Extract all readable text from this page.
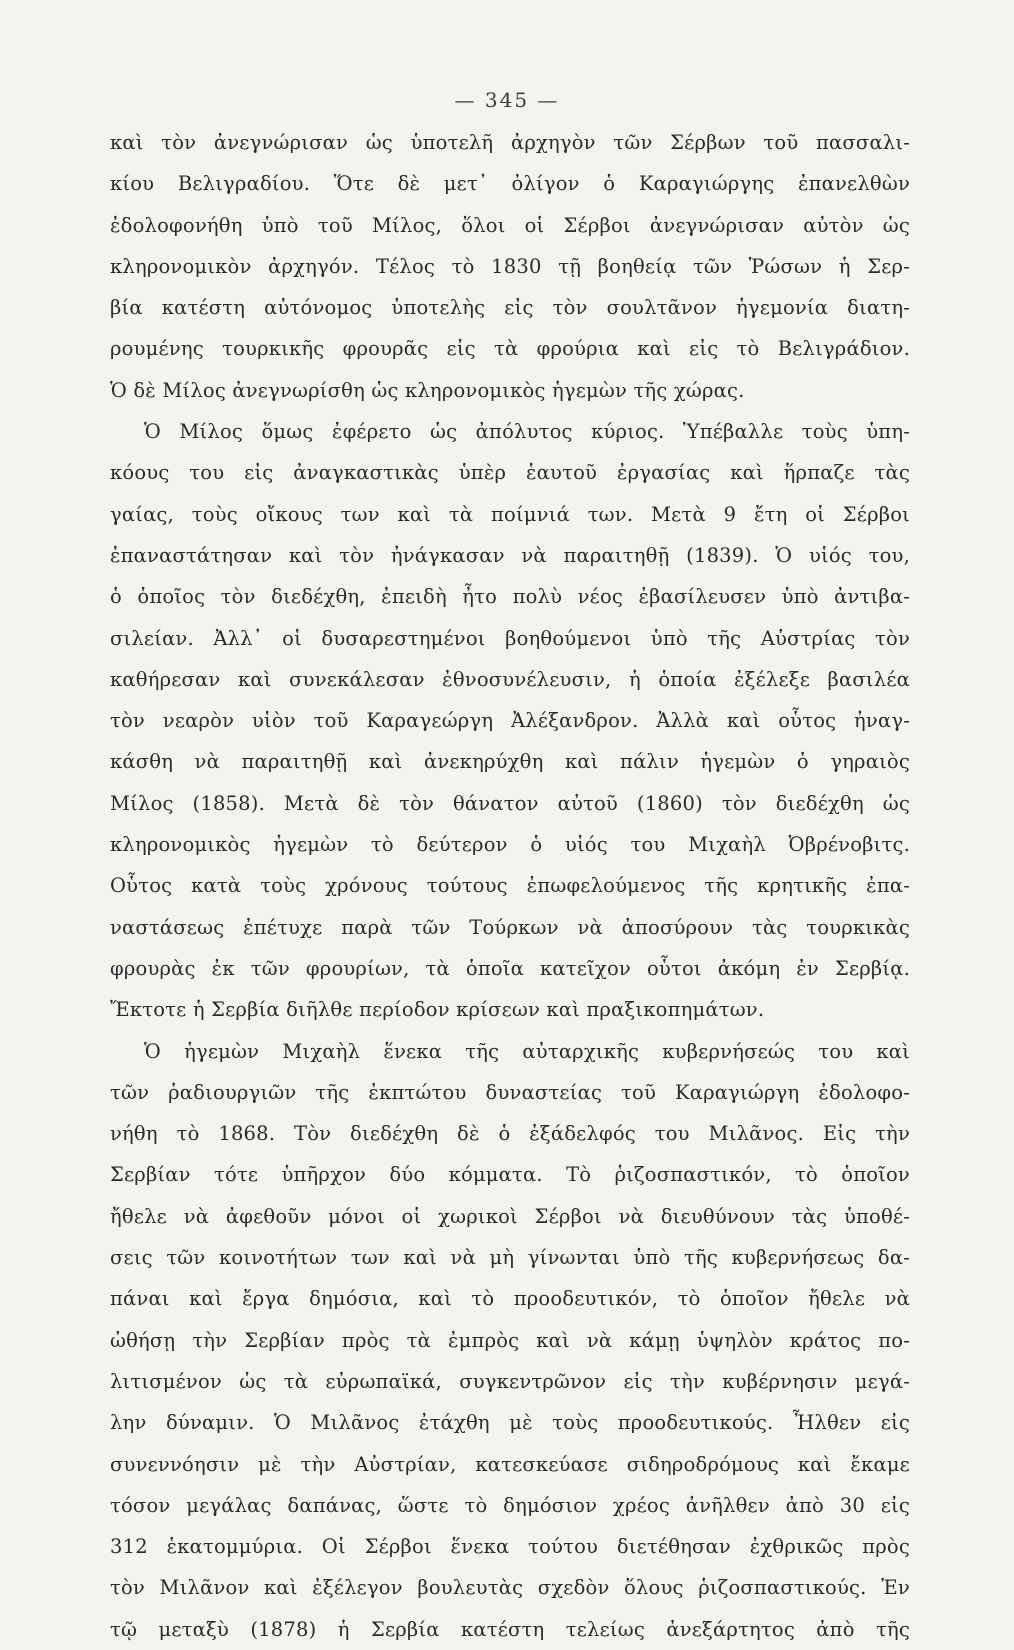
— 345 —
καὶ τὸν ἀνεγνώρισαν ὡς ὑποτελῆ ἀρχηγὸν τῶν Σέρβων τοῦ πασσαλι-
κίου Βελιγραδίου. Ὅτε δὲ μετ᾽ ὀλίγον ὁ Καραγιώργης ἐπανελθὼν
ἐδολοφονήθη ὑπὸ τοῦ Μίλος, ὅλοι οἱ Σέρβοι ἀνεγνώρισαν αὐτὸν ὡς
κληρονομικὸν ἀρχηγόν. Τέλος τὸ 1830 τῇ βοηθείᾳ τῶν Ῥώσων ἡ Σερ-
βία κατέστη αὐτόνομος ὑποτελὴς εἰς τὸν σουλτᾶνον ἡγεμονία διατη-
ρουμένης τουρκικῆς φρουρᾶς εἰς τὰ φρούρια καὶ εἰς τὸ Βελιγράδιον.
Ὁ δὲ Μίλος ἀνεγνωρίσθη ὡς κληρονομικὸς ἡγεμὼν τῆς χώρας.
Ὁ Μίλος ὅμως ἐφέρετο ὡς ἀπόλυτος κύριος. Ὑπέβαλλε τοὺς ὑπη-
κόους του εἰς ἀναγκαστικὰς ὑπὲρ ἑαυτοῦ ἐργασίας καὶ ἥρπαζε τὰς
γαίας, τοὺς οἴκους των καὶ τὰ ποίμνιά των. Μετὰ 9 ἔτη οἱ Σέρβοι
ἐπαναστάτησαν καὶ τὸν ἠνάγκασαν νὰ παραιτηθῇ (1839). Ὁ υἱός του,
ὁ ὁποῖος τὸν διεδέχθη, ἐπειδὴ ἦτο πολὺ νέος ἐβασίλευσεν ὑπὸ ἀντιβα-
σιλείαν. Ἀλλ᾽ οἱ δυσαρεστημένοι βοηθούμενοι ὑπὸ τῆς Αὐστρίας τὸν
καθήρεσαν καὶ συνεκάλεσαν ἐθνοσυνέλευσιν, ἡ ὁποία ἐξέλεξε βασιλέα
τὸν νεαρὸν υἱὸν τοῦ Καραγεώργη Ἀλέξανδρον. Ἀλλὰ καὶ οὗτος ἠναγ-
κάσθη νὰ παραιτηθῇ καὶ ἀνεκηρύχθη καὶ πάλιν ἡγεμὼν ὁ γηραιὸς
Μίλος (1858). Μετὰ δὲ τὸν θάνατον αὐτοῦ (1860) τὸν διεδέχθη ὡς
κληρονομικὸς ἡγεμὼν τὸ δεύτερον ὁ υἱός του Μιχαὴλ Ὀβρένοβιτς.
Οὗτος κατὰ τοὺς χρόνους τούτους ἐπωφελούμενος τῆς κρητικῆς ἐπα-
ναστάσεως ἐπέτυχε παρὰ τῶν Τούρκων νὰ ἀποσύρουν τὰς τουρκικὰς
φρουρὰς ἐκ τῶν φρουρίων, τὰ ὁποῖα κατεῖχον οὗτοι ἀκόμη ἐν Σερβίᾳ.
Ἔκτοτε ἡ Σερβία διῆλθε περίοδον κρίσεων καὶ πραξικοπημάτων.
Ὁ ἡγεμὼν Μιχαὴλ ἕνεκα τῆς αὐταρχικῆς κυβερνήσεώς του καὶ
τῶν ῥαδιουργιῶν τῆς ἐκπτώτου δυναστείας τοῦ Καραγιώργη ἐδολοφο-
νήθη τὸ 1868. Τὸν διεδέχθη δὲ ὁ ἐξάδελφός του Μιλᾶνος. Εἰς τὴν
Σερβίαν τότε ὑπῆρχον δύο κόμματα. Τὸ ῥιζοσπαστικόν, τὸ ὁποῖον
ἤθελε νὰ ἀφεθοῦν μόνοι οἱ χωρικοὶ Σέρβοι νὰ διευθύνουν τὰς ὑποθέ-
σεις τῶν κοινοτήτων των καὶ νὰ μὴ γίνωνται ὑπὸ τῆς κυβερνήσεως δα-
πάναι καὶ ἔργα δημόσια, καὶ τὸ προοδευτικόν, τὸ ὁποῖον ἤθελε νὰ
ὠθήσῃ τὴν Σερβίαν πρὸς τὰ ἐμπρὸς καὶ νὰ κάμῃ ὑψηλὸν κράτος πο-
λιτισμένον ὡς τὰ εὐρωπαϊκά, συγκεντρῶνον εἰς τὴν κυβέρνησιν μεγά-
λην δύναμιν. Ὁ Μιλᾶνος ἐτάχθη μὲ τοὺς προοδευτικούς. Ἦλθεν εἰς
συνεννόησιν μὲ τὴν Αὐστρίαν, κατεσκεύασε σιδηροδρόμους καὶ ἔκαμε
τόσον μεγάλας δαπάνας, ὥστε τὸ δημόσιον χρέος ἀνῆλθεν ἀπὸ 30 εἰς
312 ἑκατομμύρια. Οἱ Σέρβοι ἕνεκα τούτου διετέθησαν ἐχθρικῶς πρὸς
τὸν Μιλᾶνον καὶ ἐξέλεγον βουλευτὰς σχεδὸν ὅλους ῥιζοσπαστικούς. Ἐν
τῷ μεταξὺ (1878) ἡ Σερβία κατέστη τελείως ἀνεξάρτητος ἀπὸ τῆς
